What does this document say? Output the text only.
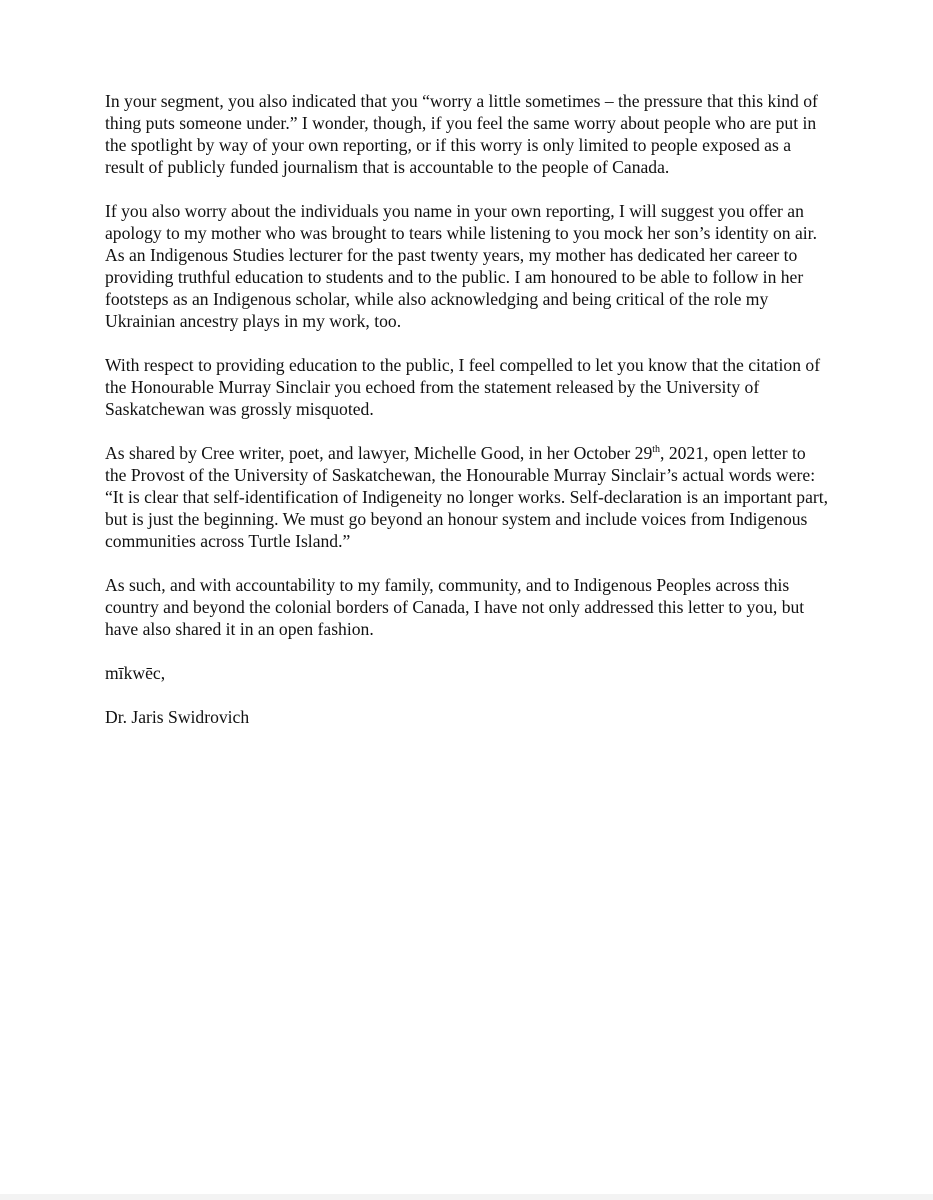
In your segment, you also indicated that you “worry a little sometimes – the pressure that this kind of thing puts someone under.” I wonder, though, if you feel the same worry about people who are put in the spotlight by way of your own reporting, or if this worry is only limited to people exposed as a result of publicly funded journalism that is accountable to the people of Canada.

If you also worry about the individuals you name in your own reporting, I will suggest you offer an apology to my mother who was brought to tears while listening to you mock her son’s identity on air. As an Indigenous Studies lecturer for the past twenty years, my mother has dedicated her career to providing truthful education to students and to the public. I am honoured to be able to follow in her footsteps as an Indigenous scholar, while also acknowledging and being critical of the role my Ukrainian ancestry plays in my work, too.

With respect to providing education to the public, I feel compelled to let you know that the citation of the Honourable Murray Sinclair you echoed from the statement released by the University of Saskatchewan was grossly misquoted.

As shared by Cree writer, poet, and lawyer, Michelle Good, in her October 29th, 2021, open letter to the Provost of the University of Saskatchewan, the Honourable Murray Sinclair’s actual words were: “It is clear that self-identification of Indigeneity no longer works. Self-declaration is an important part, but is just the beginning. We must go beyond an honour system and include voices from Indigenous communities across Turtle Island.”

As such, and with accountability to my family, community, and to Indigenous Peoples across this country and beyond the colonial borders of Canada, I have not only addressed this letter to you, but have also shared it in an open fashion.

mīkwēc,

Dr. Jaris Swidrovich
